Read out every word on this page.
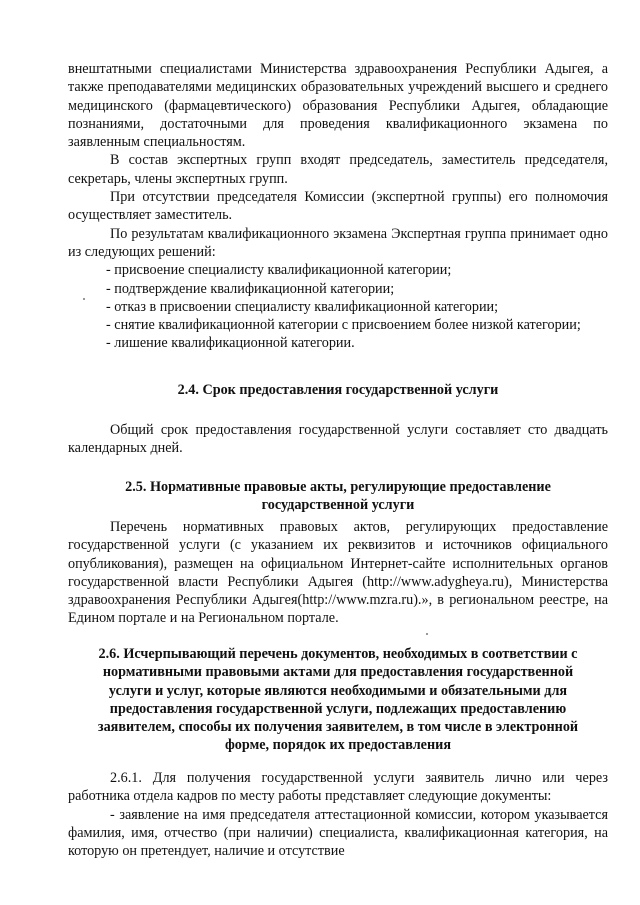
внештатными специалистами Министерства здравоохранения Республики Адыгея, а также преподавателями медицинских образовательных учреждений высшего и среднего медицинского (фармацевтического) образования Республики Адыгея, обладающие познаниями, достаточными для проведения квалификационного экзамена по заявленным специальностям.

В состав экспертных групп входят председатель, заместитель председателя, секретарь, члены экспертных групп.

При отсутствии председателя Комиссии (экспертной группы) его полномочия осуществляет заместитель.

По результатам квалификационного экзамена Экспертная группа принимает одно из следующих решений:

- присвоение специалисту квалификационной категории;

- подтверждение квалификационной категории;

- отказ в присвоении специалисту квалификационной категории;

- снятие квалификационной категории с присвоением более низкой категории;

- лишение квалификационной категории.

2.4. Срок предоставления государственной услуги

Общий срок предоставления государственной услуги составляет сто двадцать календарных дней.

2.5. Нормативные правовые акты, регулирующие предоставление

государственной услуги

Перечень нормативных правовых актов, регулирующих предоставление государственной услуги (с указанием их реквизитов и источников официального опубликования), размещен на официальном Интернет-сайте исполнительных органов государственной власти Республики Адыгея (http://www.adygheya.ru), Министерства здравоохранения Республики Адыгея(http://www.mzra.ru).», в региональном реестре, на Едином портале и на Региональном портале.

2.6. Исчерпывающий перечень документов, необходимых в соответствии с

нормативными правовыми актами для предоставления государственной

услуги и услуг, которые являются необходимыми и обязательными для

предоставления государственной услуги, подлежащих предоставлению

заявителем, способы их получения заявителем, в том числе в электронной

форме, порядок их предоставления

2.6.1. Для получения государственной услуги заявитель лично или через работника отдела кадров по месту работы представляет следующие документы:

- заявление на имя председателя аттестационной комиссии, котором указывается фамилия, имя, отчество (при наличии) специалиста, квалификационная категория, на которую он претендует, наличие и отсутствие
